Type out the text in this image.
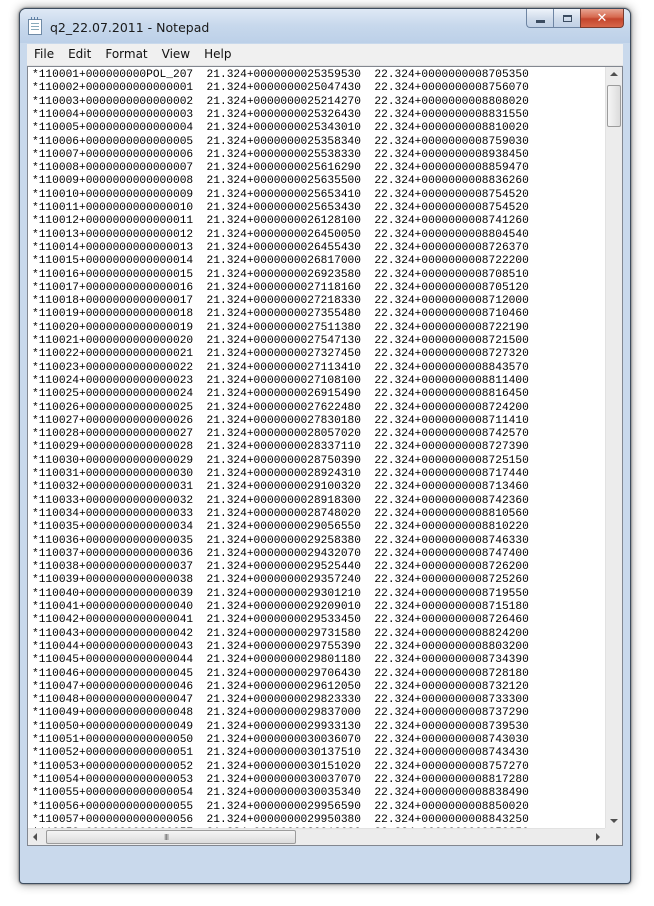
q2_22.07.2011 - Notepad
✕
File	Edit	Format	View	Help
*110001+000000000POL_207  21.324+0000000025359530  22.324+0000000008705350
*110002+0000000000000001  21.324+0000000025047430  22.324+0000000008756070
*110003+0000000000000002  21.324+0000000025214270  22.324+0000000008808020
*110004+0000000000000003  21.324+0000000025326430  22.324+0000000008831550
*110005+0000000000000004  21.324+0000000025343010  22.324+0000000008810020
*110006+0000000000000005  21.324+0000000025358340  22.324+0000000008759030
*110007+0000000000000006  21.324+0000000025538330  22.324+0000000008938450
*110008+0000000000000007  21.324+0000000025616290  22.324+0000000008859470
*110009+0000000000000008  21.324+0000000025635500  22.324+0000000008836260
*110010+0000000000000009  21.324+0000000025653410  22.324+0000000008754520
*110011+0000000000000010  21.324+0000000025653430  22.324+0000000008754520
*110012+0000000000000011  21.324+0000000026128100  22.324+0000000008741260
*110013+0000000000000012  21.324+0000000026450050  22.324+0000000008804540
*110014+0000000000000013  21.324+0000000026455430  22.324+0000000008726370
*110015+0000000000000014  21.324+0000000026817000  22.324+0000000008722200
*110016+0000000000000015  21.324+0000000026923580  22.324+0000000008708510
*110017+0000000000000016  21.324+0000000027118160  22.324+0000000008705120
*110018+0000000000000017  21.324+0000000027218330  22.324+0000000008712000
*110019+0000000000000018  21.324+0000000027355480  22.324+0000000008710460
*110020+0000000000000019  21.324+0000000027511380  22.324+0000000008722190
*110021+0000000000000020  21.324+0000000027547130  22.324+0000000008721500
*110022+0000000000000021  21.324+0000000027327450  22.324+0000000008727320
*110023+0000000000000022  21.324+0000000027113410  22.324+0000000008843570
*110024+0000000000000023  21.324+0000000027108100  22.324+0000000008811400
*110025+0000000000000024  21.324+0000000026915490  22.324+0000000008816450
*110026+0000000000000025  21.324+0000000027622480  22.324+0000000008724200
*110027+0000000000000026  21.324+0000000027830180  22.324+0000000008711410
*110028+0000000000000027  21.324+0000000028057020  22.324+0000000008742570
*110029+0000000000000028  21.324+0000000028337110  22.324+0000000008727390
*110030+0000000000000029  21.324+0000000028750390  22.324+0000000008725150
*110031+0000000000000030  21.324+0000000028924310  22.324+0000000008717440
*110032+0000000000000031  21.324+0000000029100320  22.324+0000000008713460
*110033+0000000000000032  21.324+0000000028918300  22.324+0000000008742360
*110034+0000000000000033  21.324+0000000028748020  22.324+0000000008810560
*110035+0000000000000034  21.324+0000000029056550  22.324+0000000008810220
*110036+0000000000000035  21.324+0000000029258380  22.324+0000000008746330
*110037+0000000000000036  21.324+0000000029432070  22.324+0000000008747400
*110038+0000000000000037  21.324+0000000029525440  22.324+0000000008726200
*110039+0000000000000038  21.324+0000000029357240  22.324+0000000008725260
*110040+0000000000000039  21.324+0000000029301210  22.324+0000000008719550
*110041+0000000000000040  21.324+0000000029209010  22.324+0000000008715180
*110042+0000000000000041  21.324+0000000029533450  22.324+0000000008726460
*110043+0000000000000042  21.324+0000000029731580  22.324+0000000008824200
*110044+0000000000000043  21.324+0000000029755390  22.324+0000000008803200
*110045+0000000000000044  21.324+0000000029801180  22.324+0000000008734390
*110046+0000000000000045  21.324+0000000029706430  22.324+0000000008728180
*110047+0000000000000046  21.324+0000000029612050  22.324+0000000008732120
*110048+0000000000000047  21.324+0000000029823330  22.324+0000000008733300
*110049+0000000000000048  21.324+0000000029837000  22.324+0000000008737290
*110050+0000000000000049  21.324+0000000029933130  22.324+0000000008739530
*110051+0000000000000050  21.324+0000000030036070  22.324+0000000008743030
*110052+0000000000000051  21.324+0000000030137510  22.324+0000000008743430
*110053+0000000000000052  21.324+0000000030151020  22.324+0000000008757270
*110054+0000000000000053  21.324+0000000030037070  22.324+0000000008817280
*110055+0000000000000054  21.324+0000000030035340  22.324+0000000008838490
*110056+0000000000000055  21.324+0000000029956590  22.324+0000000008850020
*110057+0000000000000056  21.324+0000000029950380  22.324+0000000008843250
III
